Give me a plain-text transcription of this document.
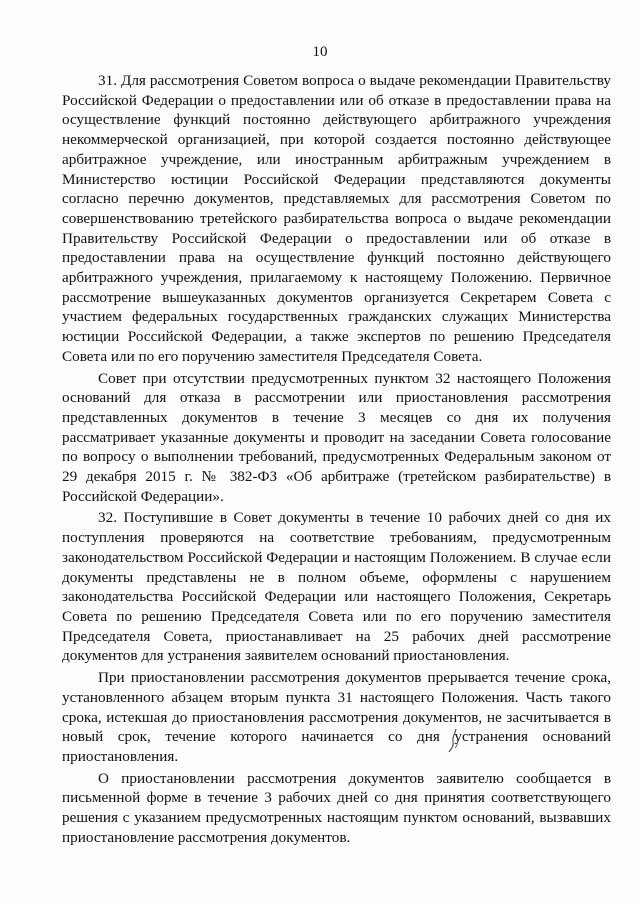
10

31. Для рассмотрения Советом вопроса о выдаче рекомендации Правительству Российской Федерации о предоставлении или об отказе в предоставлении права на осуществление функций постоянно действующего арбитражного учреждения некоммерческой организацией, при которой создается постоянно действующее арбитражное учреждение, или иностранным арбитражным учреждением в Министерство юстиции Российской Федерации представляются документы согласно перечню документов, представляемых для рассмотрения Советом по совершенствованию третейского разбирательства вопроса о выдаче рекомендации Правительству Российской Федерации о предоставлении или об отказе в предоставлении права на осуществление функций постоянно действующего арбитражного учреждения, прилагаемому к настоящему Положению. Первичное рассмотрение вышеуказанных документов организуется Секретарем Совета с участием федеральных государственных гражданских служащих Министерства юстиции Российской Федерации, а также экспертов по решению Председателя Совета или по его поручению заместителя Председателя Совета.

Совет при отсутствии предусмотренных пунктом 32 настоящего Положения оснований для отказа в рассмотрении или приостановления рассмотрения представленных документов в течение 3 месяцев со дня их получения рассматривает указанные документы и проводит на заседании Совета голосование по вопросу о выполнении требований, предусмотренных Федеральным законом от 29 декабря 2015 г. № 382-ФЗ «Об арбитраже (третейском разбирательстве) в Российской Федерации».

32. Поступившие в Совет документы в течение 10 рабочих дней со дня их поступления проверяются на соответствие требованиям, предусмотренным законодательством Российской Федерации и настоящим Положением. В случае если документы представлены не в полном объеме, оформлены с нарушением законодательства Российской Федерации или настоящего Положения, Секретарь Совета по решению Председателя Совета или по его поручению заместителя Председателя Совета, приостанавливает на 25 рабочих дней рассмотрение документов для устранения заявителем оснований приостановления.

При приостановлении рассмотрения документов прерывается течение срока, установленного абзацем вторым пункта 31 настоящего Положения. Часть такого срока, истекшая до приостановления рассмотрения документов, не засчитывается в новый срок, течение которого начинается со дня устранения оснований приостановления.

О приостановлении рассмотрения документов заявителю сообщается в письменной форме в течение 3 рабочих дней со дня принятия соответствующего решения с указанием предусмотренных настоящим пунктом оснований, вызвавших приостановление рассмотрения документов.
